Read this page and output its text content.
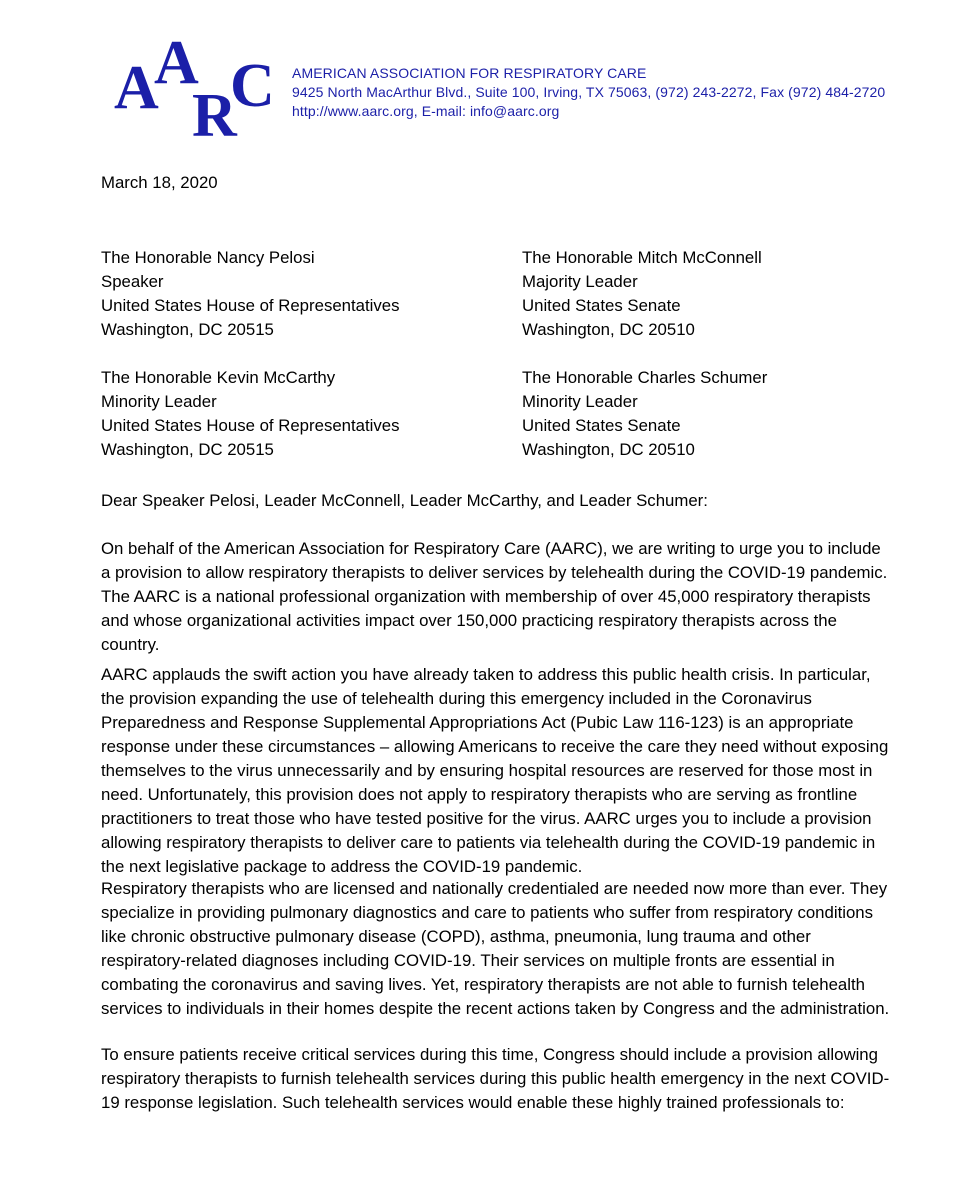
A
A
R
C AMERICAN ASSOCIATION FOR RESPIRATORY CARE
9425 North MacArthur Blvd., Suite 100, Irving, TX 75063, (972) 243-2272, Fax (972) 484-2720
http://www.aarc.org, E-mail: info@aarc.org
March 18, 2020
The Honorable Nancy Pelosi
Speaker
United States House of Representatives
Washington, DC 20515
The Honorable Mitch McConnell
Majority Leader
United States Senate
Washington, DC 20510
The Honorable Kevin McCarthy
Minority Leader
United States House of Representatives
Washington, DC 20515
The Honorable Charles Schumer
Minority Leader
United States Senate
Washington, DC 20510
Dear Speaker Pelosi, Leader McConnell, Leader McCarthy, and Leader Schumer:

On behalf of the American Association for Respiratory Care (AARC), we are writing to urge you to include a provision to allow respiratory therapists to deliver services by telehealth during the COVID-19 pandemic. The AARC is a national professional organization with membership of over 45,000 respiratory therapists and whose organizational activities impact over 150,000 practicing respiratory therapists across the country.

AARC applauds the swift action you have already taken to address this public health crisis. In particular, the provision expanding the use of telehealth during this emergency included in the Coronavirus Preparedness and Response Supplemental Appropriations Act (Pubic Law 116-123) is an appropriate response under these circumstances – allowing Americans to receive the care they need without exposing themselves to the virus unnecessarily and by ensuring hospital resources are reserved for those most in need. Unfortunately, this provision does not apply to respiratory therapists who are serving as frontline practitioners to treat those who have tested positive for the virus. AARC urges you to include a provision allowing respiratory therapists to deliver care to patients via telehealth during the COVID-19 pandemic in the next legislative package to address the COVID-19 pandemic.

Respiratory therapists who are licensed and nationally credentialed are needed now more than ever. They specialize in providing pulmonary diagnostics and care to patients who suffer from respiratory conditions like chronic obstructive pulmonary disease (COPD), asthma, pneumonia, lung trauma and other respiratory-related diagnoses including COVID-19. Their services on multiple fronts are essential in combating the coronavirus and saving lives. Yet, respiratory therapists are not able to furnish telehealth services to individuals in their homes despite the recent actions taken by Congress and the administration.

To ensure patients receive critical services during this time, Congress should include a provision allowing respiratory therapists to furnish telehealth services during this public health emergency in the next COVID-19 response legislation. Such telehealth services would enable these highly trained professionals to:
